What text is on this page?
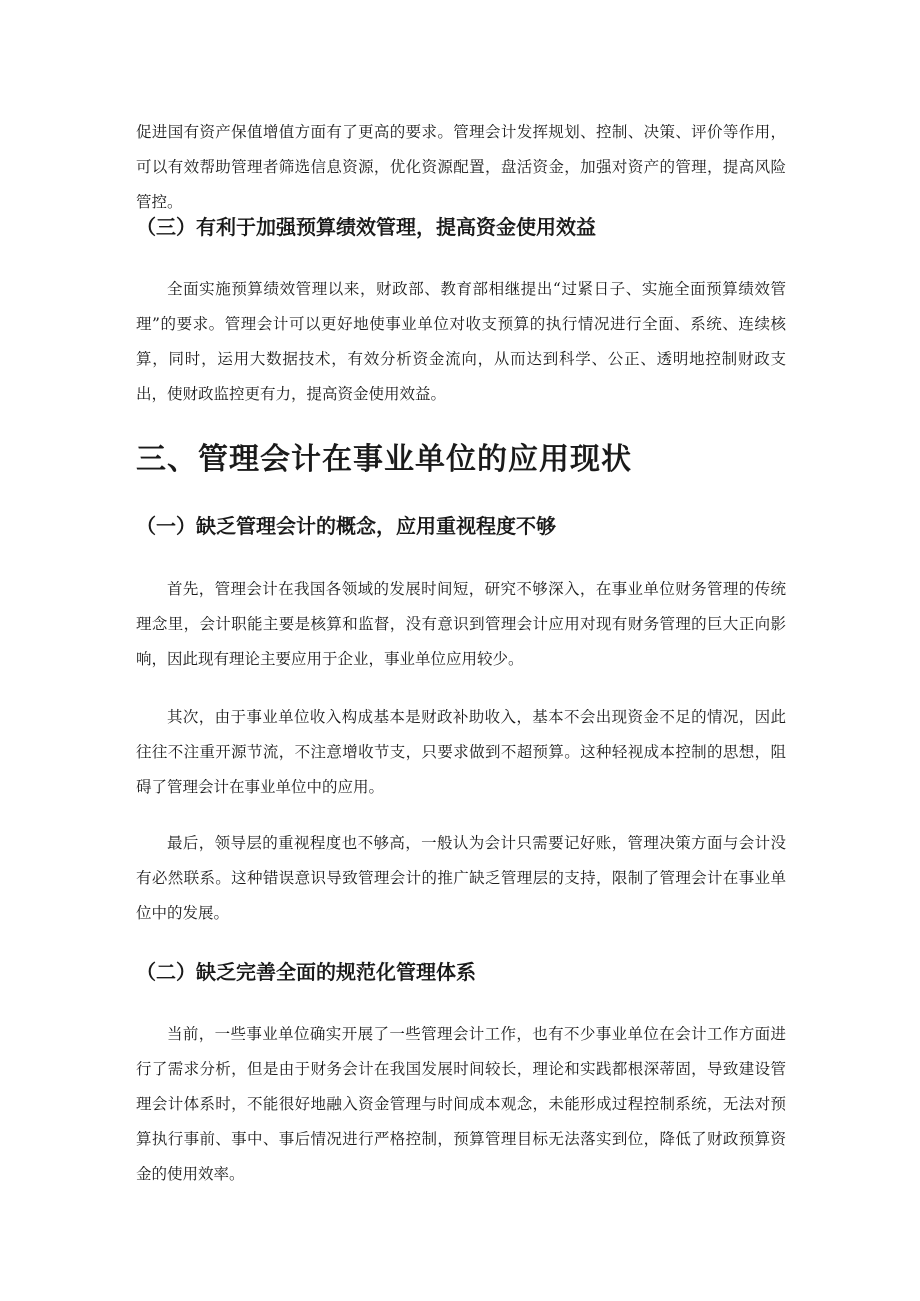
促进国有资产保值增值方面有了更高的要求。管理会计发挥规划、控制、决策、评价等作用，可以有效帮助管理者筛选信息资源，优化资源配置，盘活资金，加强对资产的管理，提高风险管控。

（三）有利于加强预算绩效管理，提高资金使用效益

全面实施预算绩效管理以来，财政部、教育部相继提出“过紧日子、实施全面预算绩效管理”的要求。管理会计可以更好地使事业单位对收支预算的执行情况进行全面、系统、连续核算，同时，运用大数据技术，有效分析资金流向，从而达到科学、公正、透明地控制财政支出，使财政监控更有力，提高资金使用效益。

三、管理会计在事业单位的应用现状
（一）缺乏管理会计的概念，应用重视程度不够

首先，管理会计在我国各领域的发展时间短，研究不够深入，在事业单位财务管理的传统理念里，会计职能主要是核算和监督，没有意识到管理会计应用对现有财务管理的巨大正向影响，因此现有理论主要应用于企业，事业单位应用较少。

其次，由于事业单位收入构成基本是财政补助收入，基本不会出现资金不足的情况，因此往往不注重开源节流，不注意增收节支，只要求做到不超预算。这种轻视成本控制的思想，阻碍了管理会计在事业单位中的应用。

最后，领导层的重视程度也不够高，一般认为会计只需要记好账，管理决策方面与会计没有必然联系。这种错误意识导致管理会计的推广缺乏管理层的支持，限制了管理会计在事业单位中的发展。

（二）缺乏完善全面的规范化管理体系

当前，一些事业单位确实开展了一些管理会计工作，也有不少事业单位在会计工作方面进行了需求分析，但是由于财务会计在我国发展时间较长，理论和实践都根深蒂固，导致建设管理会计体系时，不能很好地融入资金管理与时间成本观念，未能形成过程控制系统，无法对预算执行事前、事中、事后情况进行严格控制，预算管理目标无法落实到位，降低了财政预算资金的使用效率。
